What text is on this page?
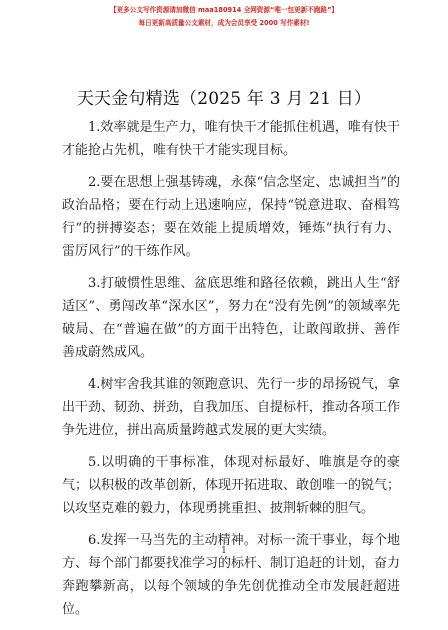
【更多公文写作资源请加微信 maa180914 全网资源“唯一包更新不跑路”】
每日更新高质量公文素材，成为会员享受 2000 写作素材!
天天金句精选（2025 年 3 月 21 日）

1.效率就是生产力，唯有快干才能抓住机遇，唯有快干才能抢占先机，唯有快干才能实现目标。

2.要在思想上强基铸魂，永葆“信念坚定、忠诚担当”的政治品格；要在行动上迅速响应，保持“锐意进取、奋楫笃行”的拼搏姿态；要在效能上提质增效，锤炼“执行有力、雷厉风行”的干练作风。

3.打破惯性思维、盆底思维和路径依赖，跳出人生“舒适区”、勇闯改革“深水区”，努力在“没有先例”的领域率先破局、在“普遍在做”的方面干出特色，让敢闯敢拼、善作善成蔚然成风。

4.树牢舍我其谁的领跑意识、先行一步的昂扬锐气，拿出干劲、韧劲、拼劲，自我加压、自提标杆，推动各项工作争先进位，拼出高质量跨越式发展的更大实绩。

5.以明确的干事标准，体现对标最好、唯旗是夺的豪气；以积极的改革创新，体现开拓进取、敢创唯一的锐气；以攻坚克难的毅力，体现勇挑重担、披荆斩棘的胆气。

6.发挥一马当先的主动精神。对标一流干事业，每个地方、每个部门都要找准学习的标杆、制订追赶的计划，奋力奔跑攀新高，以每个领域的争先创优推动全市发展赶超进位。

1
